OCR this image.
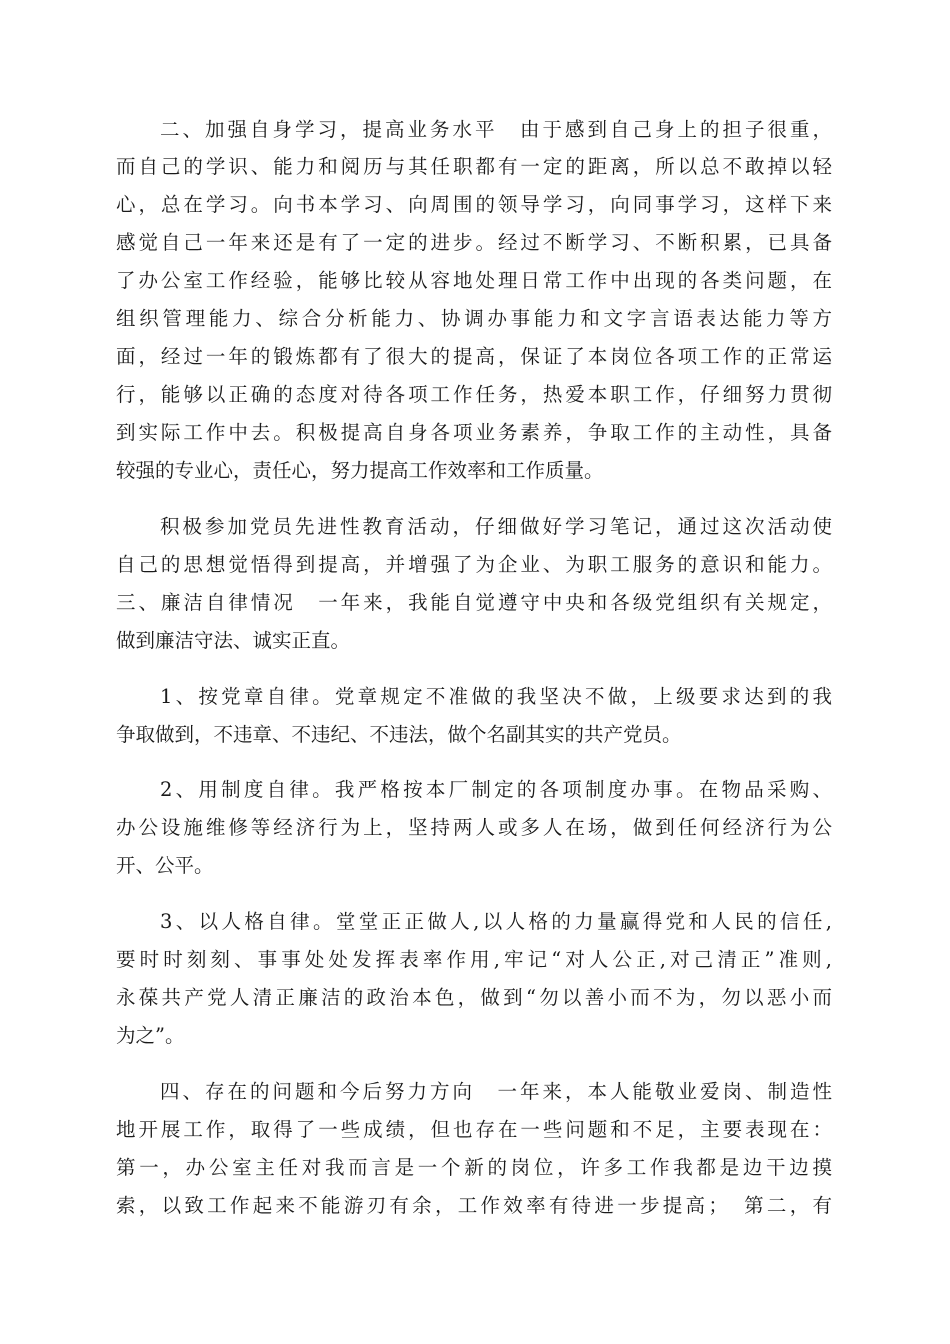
二、加强自身学习，提高业务水平　由于感到自己身上的担子很重，
而自己的学识、能力和阅历与其任职都有一定的距离，所以总不敢掉以轻
心，总在学习。向书本学习、向周围的领导学习，向同事学习，这样下来
感觉自己一年来还是有了一定的进步。经过不断学习、不断积累，已具备
了办公室工作经验，能够比较从容地处理日常工作中出现的各类问题，在
组织管理能力、综合分析能力、协调办事能力和文字言语表达能力等方
面，经过一年的锻炼都有了很大的提高，保证了本岗位各项工作的正常运
行，能够以正确的态度对待各项工作任务，热爱本职工作，仔细努力贯彻
到实际工作中去。积极提高自身各项业务素养，争取工作的主动性，具备
较强的专业心，责任心，努力提高工作效率和工作质量。
积极参加党员先进性教育活动，仔细做好学习笔记，通过这次活动使
自己的思想觉悟得到提高，并增强了为企业、为职工服务的意识和能力。
三、廉洁自律情况　一年来，我能自觉遵守中央和各级党组织有关规定，
做到廉洁守法、诚实正直。
1、按党章自律。党章规定不准做的我坚决不做，上级要求达到的我
争取做到，不违章、不违纪、不违法，做个名副其实的共产党员。
2、用制度自律。我严格按本厂制定的各项制度办事。在物品采购、
办公设施维修等经济行为上，坚持两人或多人在场，做到任何经济行为公
开、公平。
3、以人格自律。堂堂正正做人,以人格的力量赢得党和人民的信任,
要时时刻刻、事事处处发挥表率作用,牢记“对人公正,对己清正”准则,
永葆共产党人清正廉洁的政治本色，做到“勿以善小而不为，勿以恶小而
为之”。
四、存在的问题和今后努力方向　一年来，本人能敬业爱岗、制造性
地开展工作，取得了一些成绩，但也存在一些问题和不足，主要表现在：
第一，办公室主任对我而言是一个新的岗位，许多工作我都是边干边摸
索，以致工作起来不能游刃有余，工作效率有待进一步提高；　第二，有
